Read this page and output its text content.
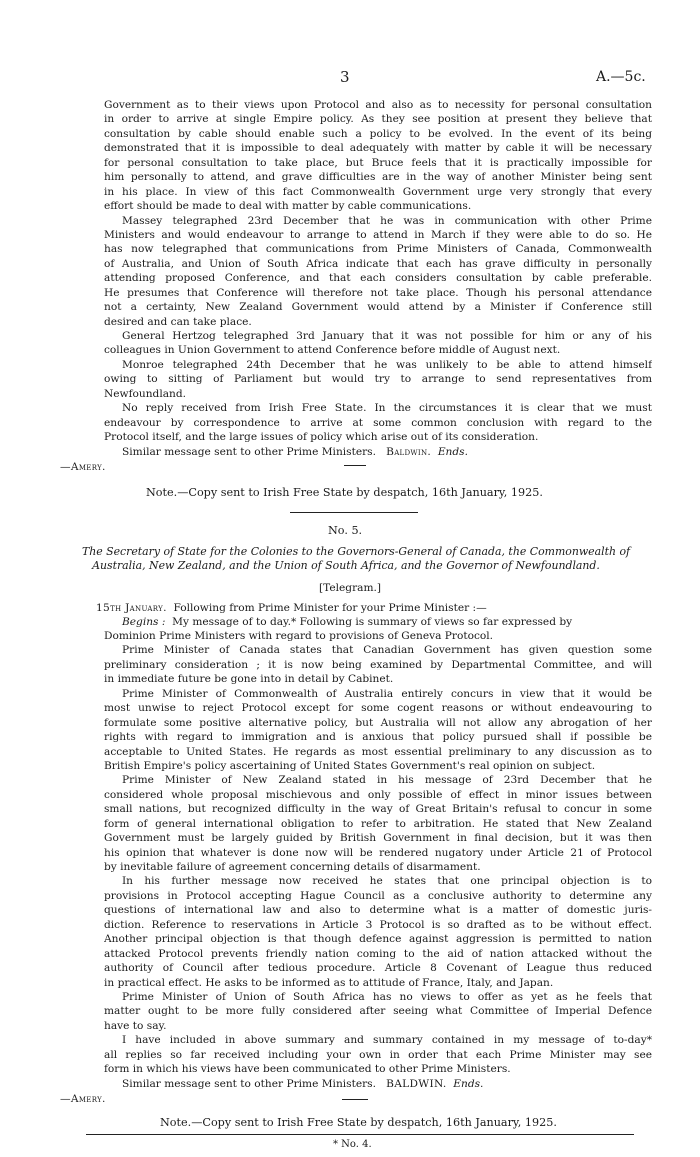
3	A.—5c.
Government as to their views upon Protocol and also as to necessity for personal consultation
in order to arrive at single Empire policy. As they see position at present they believe that
consultation by cable should enable such a policy to be evolved. In the event of its being
demonstrated that it is impossible to deal adequately with matter by cable it will be necessary
for personal consultation to take place, but Bruce feels that it is practically impossible for
him personally to attend, and grave difficulties are in the way of another Minister being sent
in his place. In view of this fact Commonwealth Government urge very strongly that every
effort should be made to deal with matter by cable communications.
Massey telegraphed 23rd December that he was in communication with other Prime
Ministers and would endeavour to arrange to attend in March if they were able to do so. He
has now telegraphed that communications from Prime Ministers of Canada, Commonwealth
of Australia, and Union of South Africa indicate that each has grave difficulty in personally
attending proposed Conference, and that each considers consultation by cable preferable.
He presumes that Conference will therefore not take place. Though his personal attendance
not a certainty, New Zealand Government would attend by a Minister if Conference still
desired and can take place.
General Hertzog telegraphed 3rd January that it was not possible for him or any of his
colleagues in Union Government to attend Conference before middle of August next.
Monroe telegraphed 24th December that he was unlikely to be able to attend himself
owing to sitting of Parliament but would try to arrange to send representatives from
Newfoundland.
No reply received from Irish Free State. In the circumstances it is clear that we must
endeavour by correspondence to arrive at some common conclusion with regard to the
Protocol itself, and the large issues of policy which arise out of its consideration.
Similar message sent to other Prime Ministers. Baldwin. Ends.
—Amery.
Note.—Copy sent to Irish Free State by despatch, 16th January, 1925.
No. 5.
The Secretary of State for the Colonies to the Governors-General of Canada, the Commonwealth of
Australia, New Zealand, and the Union of South Africa, and the Governor of Newfoundland.
[Telegram.]
15th January. Following from Prime Minister for your Prime Minister :—
Begins : My message of to day.* Following is summary of views so far expressed by
Dominion Prime Ministers with regard to provisions of Geneva Protocol.
Prime Minister of Canada states that Canadian Government has given question some
preliminary consideration ; it is now being examined by Departmental Committee, and will
in immediate future be gone into in detail by Cabinet.
Prime Minister of Commonwealth of Australia entirely concurs in view that it would be
most unwise to reject Protocol except for some cogent reasons or without endeavouring to
formulate some positive alternative policy, but Australia will not allow any abrogation of her
rights with regard to immigration and is anxious that policy pursued shall if possible be
acceptable to United States. He regards as most essential preliminary to any discussion as to
British Empire's policy ascertaining of United States Government's real opinion on subject.
Prime Minister of New Zealand stated in his message of 23rd December that he
considered whole proposal mischievous and only possible of effect in minor issues between
small nations, but recognized difficulty in the way of Great Britain's refusal to concur in some
form of general international obligation to refer to arbitration. He stated that New Zealand
Government must be largely guided by British Government in final decision, but it was then
his opinion that whatever is done now will be rendered nugatory under Article 21 of Protocol
by inevitable failure of agreement concerning details of disarmament.
In his further message now received he states that one principal objection is to
provisions in Protocol accepting Hague Council as a conclusive authority to determine any
questions of international law and also to determine what is a matter of domestic juris-
diction. Reference to reservations in Article 3 Protocol is so drafted as to be without effect.
Another principal objection is that though defence against aggression is permitted to nation
attacked Protocol prevents friendly nation coming to the aid of nation attacked without the
authority of Council after tedious procedure. Article 8 Covenant of League thus reduced
in practical effect. He asks to be informed as to attitude of France, Italy, and Japan.
Prime Minister of Union of South Africa has no views to offer as yet as he feels that
matter ought to be more fully considered after seeing what Committee of Imperial Defence
have to say.
I have included in above summary and summary contained in my message of to-day*
all replies so far received including your own in order that each Prime Minister may see
form in which his views have been communicated to other Prime Ministers.
Similar message sent to other Prime Ministers. BALDWIN. Ends.
—Amery.
Note.—Copy sent to Irish Free State by despatch, 16th January, 1925.
* No. 4.
